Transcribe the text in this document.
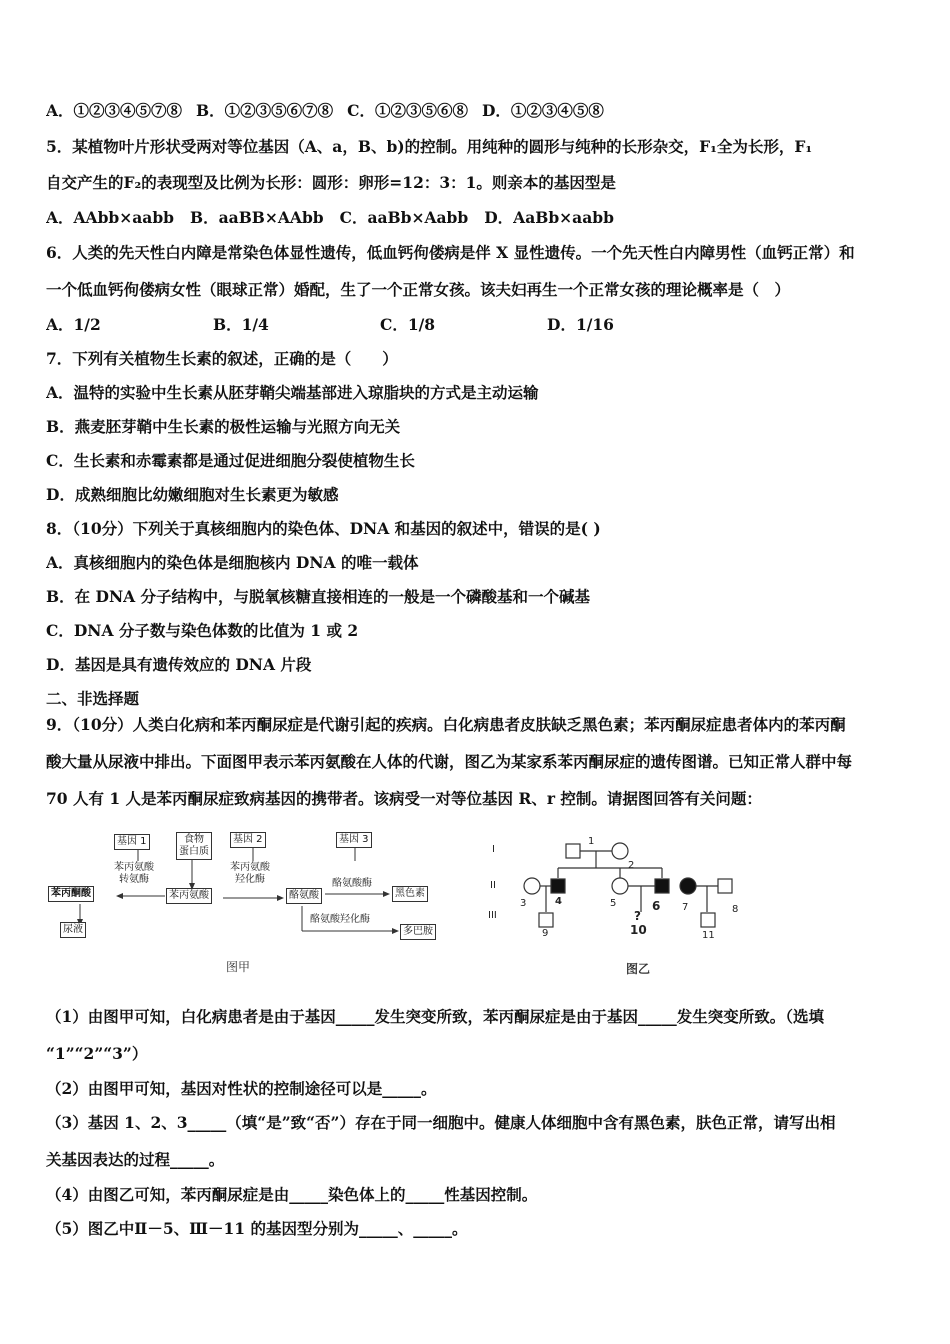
A．①②③④⑤⑦⑧ B．①②③⑤⑥⑦⑧ C．①②③⑤⑥⑧ D．①②③④⑤⑧
5．某植物叶片形状受两对等位基因（A、a，B、b)的控制。用纯种的圆形与纯种的长形杂交，F₁全为长形，F₁
自交产生的F₂的表现型及比例为长形：圆形：卵形=12：3：1。则亲本的基因型是
A．AAbb×aabb B．aaBB×AAbb C．aaBb×Aabb D．AaBb×aabb
6．人类的先天性白内障是常染色体显性遗传，低血钙佝偻病是伴 X 显性遗传。一个先天性白内障男性（血钙正常）和
一个低血钙佝偻病女性（眼球正常）婚配，生了一个正常女孩。该夫妇再生一个正常女孩的理论概率是（　）
A．1/2	B．1/4	C．1/8	D．1/16
7．下列有关植物生长素的叙述，正确的是（　　）
A．温特的实验中生长素从胚芽鞘尖端基部进入琼脂块的方式是主动运输
B．燕麦胚芽鞘中生长素的极性运输与光照方向无关
C．生长素和赤霉素都是通过促进细胞分裂使植物生长
D．成熟细胞比幼嫩细胞对生长素更为敏感
8．（10分）下列关于真核细胞内的染色体、DNA 和基因的叙述中，错误的是( )
A．真核细胞内的染色体是细胞核内 DNA 的唯一载体
B．在 DNA 分子结构中，与脱氧核糖直接相连的一般是一个磷酸基和一个碱基
C．DNA 分子数与染色体数的比值为 1 或 2
D．基因是具有遗传效应的 DNA 片段
二、非选择题
9．（10分）人类白化病和苯丙酮尿症是代谢引起的疾病。白化病患者皮肤缺乏黑色素；苯丙酮尿症患者体内的苯丙酮
酸大量从尿液中排出。下面图甲表示苯丙氨酸在人体的代谢，图乙为某家系苯丙酮尿症的遗传图谱。已知正常人群中每
70 人有 1 人是苯丙酮尿症致病基因的携带者。该病受一对等位基因 R、r 控制。请据图回答有关问题：
基因 1	食物
蛋白质
基因 2	基因 3
苯丙氨酸
转氨酶
苯丙氨酸
苯丙氨酸
羟化酶
酪氨酸
酪氨酸酶
黑色素
苯丙酮酸
尿液
酪氨酸羟化酶
多巴胺
图甲
I
II
III
1
2
3	4	5	6 7	8
9
?
10	11
图乙
（1）由图甲可知，白化病患者是由于基因_____发生突变所致，苯丙酮尿症是由于基因_____发生突变所致。（选填
“1”“2”“3”）
（2）由图甲可知，基因对性状的控制途径可以是_____。
（3）基因 1、2、3_____（填“是”致“否”）存在于同一细胞中。健康人体细胞中含有黑色素，肤色正常，请写出相
关基因表达的过程_____。
（4）由图乙可知，苯丙酮尿症是由_____染色体上的_____性基因控制。
（5）图乙中Ⅱ－5、Ⅲ－11 的基因型分别为_____、_____。
